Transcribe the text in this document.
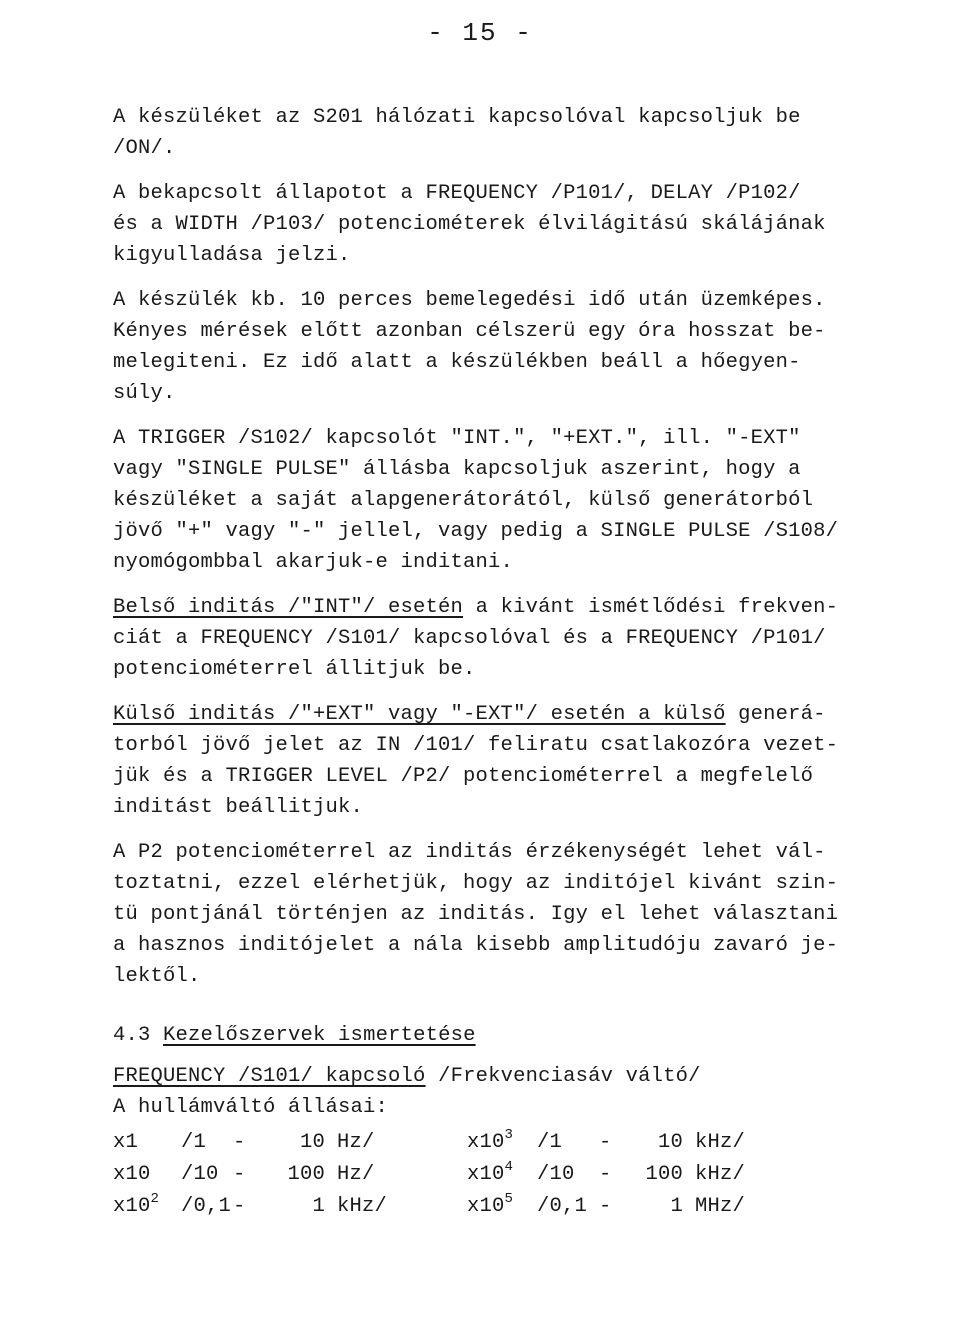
- 15 -
A készüléket az S201 hálózati kapcsolóval kapcsoljuk be
/ON/.
A bekapcsolt állapotot a FREQUENCY /P101/, DELAY /P102/
és a WIDTH /P103/ potenciométerek élvilágitású skálájának
kigyulladása jelzi.
A készülék kb. 10 perces bemelegedési idő után üzemképes.
Kényes mérések előtt azonban célszerü egy óra hosszat be-
melegiteni. Ez idő alatt a készülékben beáll a hőegyen-
súly.
A TRIGGER /S102/ kapcsolót "INT.", "+EXT.", ill. "-EXT"
vagy "SINGLE PULSE" állásba kapcsoljuk aszerint, hogy a
készüléket a saját alapgenerátorától, külső generátorból
jövő "+" vagy "-" jellel, vagy pedig a SINGLE PULSE /S108/
nyomógombbal akarjuk-e inditani.
Belső inditás /"INT"/ esetén a kivánt ismétlődési frekven-
ciát a FREQUENCY /S101/ kapcsolóval és a FREQUENCY /P101/
potenciométerrel állitjuk be.
Külső inditás /"+EXT" vagy "-EXT"/ esetén a külső generá-
torból jövő jelet az IN /101/ feliratu csatlakozóra vezet-
jük és a TRIGGER LEVEL /P2/ potenciométerrel a megfelelő
inditást beállitjuk.
A P2 potenciométerrel az inditás érzékenységét lehet vál-
toztatni, ezzel elérhetjük, hogy az inditójel kivánt szin-
tü pontjánál történjen az inditás. Igy el lehet választani
a hasznos inditójelet a nála kisebb amplitudóju zavaró je-
lektől.
4.3 Kezelőszervek ismertetése
FREQUENCY /S101/ kapcsoló /Frekvenciasáv váltó/
A hullámváltó állásai:
x1	/1	-	10	Hz/	$x10^3$	/1	-	10	kHz/
x10	/10	-	100	Hz/	$x10^4$	/10	-	100	kHz/
$x10^2$	/0,1	-	1	kHz/	$x10^5$	/0,1	-	1	MHz/
